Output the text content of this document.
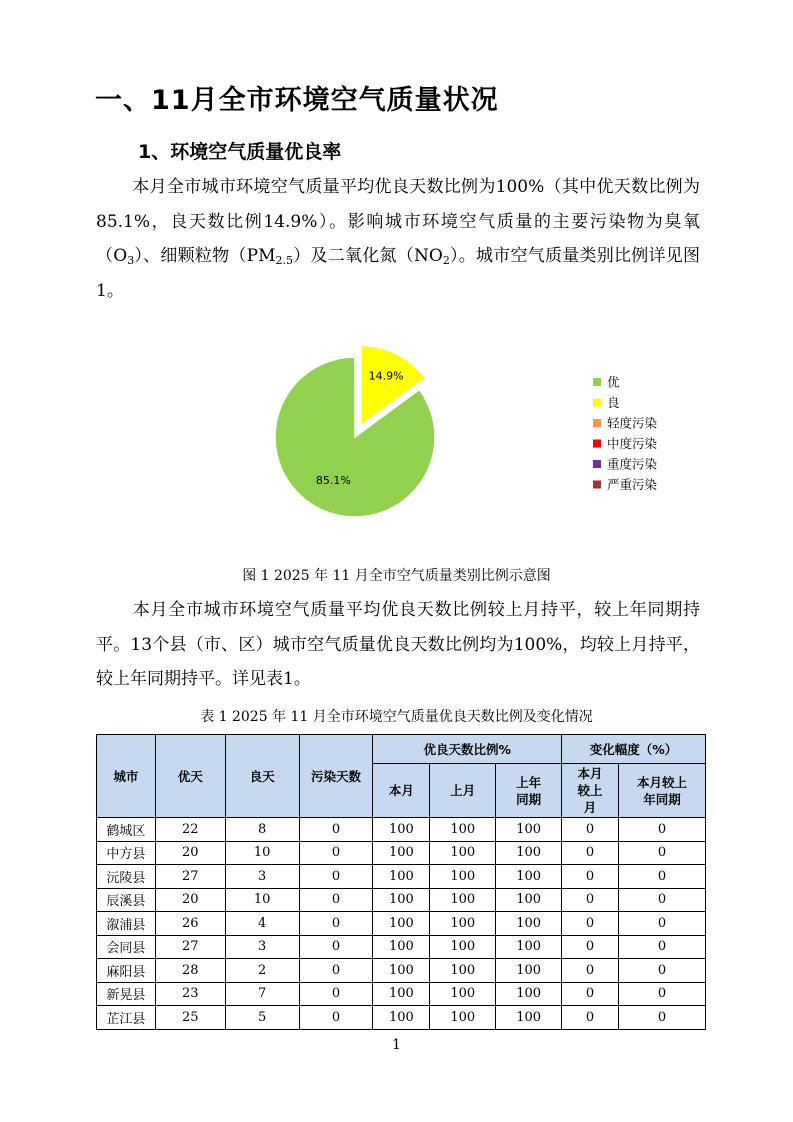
一、11月全市环境空气质量状况
1、环境空气质量优良率
本月全市城市环境空气质量平均优良天数比例为100%（其中优天数比例为85.1%，良天数比例14.9%）。影响城市环境空气质量的主要污染物为臭氧$(O_3)$、细颗粒物$(PM_{2.5})$及二氧化氮$(NO_2)$。城市空气质量类别比例详见图1。
85.1%
14.9%	优
良
轻度污染
中度污染
重度污染
严重污染
图 1 2025 年 11 月全市空气质量类别比例示意图
本月全市城市环境空气质量平均优良天数比例较上月持平，较上年同期持平。13个县（市、区）城市空气质量优良天数比例均为100%，均较上月持平，较上年同期持平。详见表1。
表 1 2025 年 11 月全市环境空气质量优良天数比例及变化情况
城市	优天	良天	污染天数	优良天数比例%			变化幅度（%）	
				本月	上月	上年同期	本月较上月	本月较上年同期

鹤城区	22	8	0	100	100	100	0	0
中方县	20	10	0	100	100	100	0	0
沅陵县	27	3	0	100	100	100	0	0
辰溪县	20	10	0	100	100	100	0	0
溆浦县	26	4	0	100	100	100	0	0
会同县	27	3	0	100	100	100	0	0
麻阳县	28	2	0	100	100	100	0	0
新晃县	23	7	0	100	100	100	0	0
芷江县	25	5	0	100	100	100	0	0
1
